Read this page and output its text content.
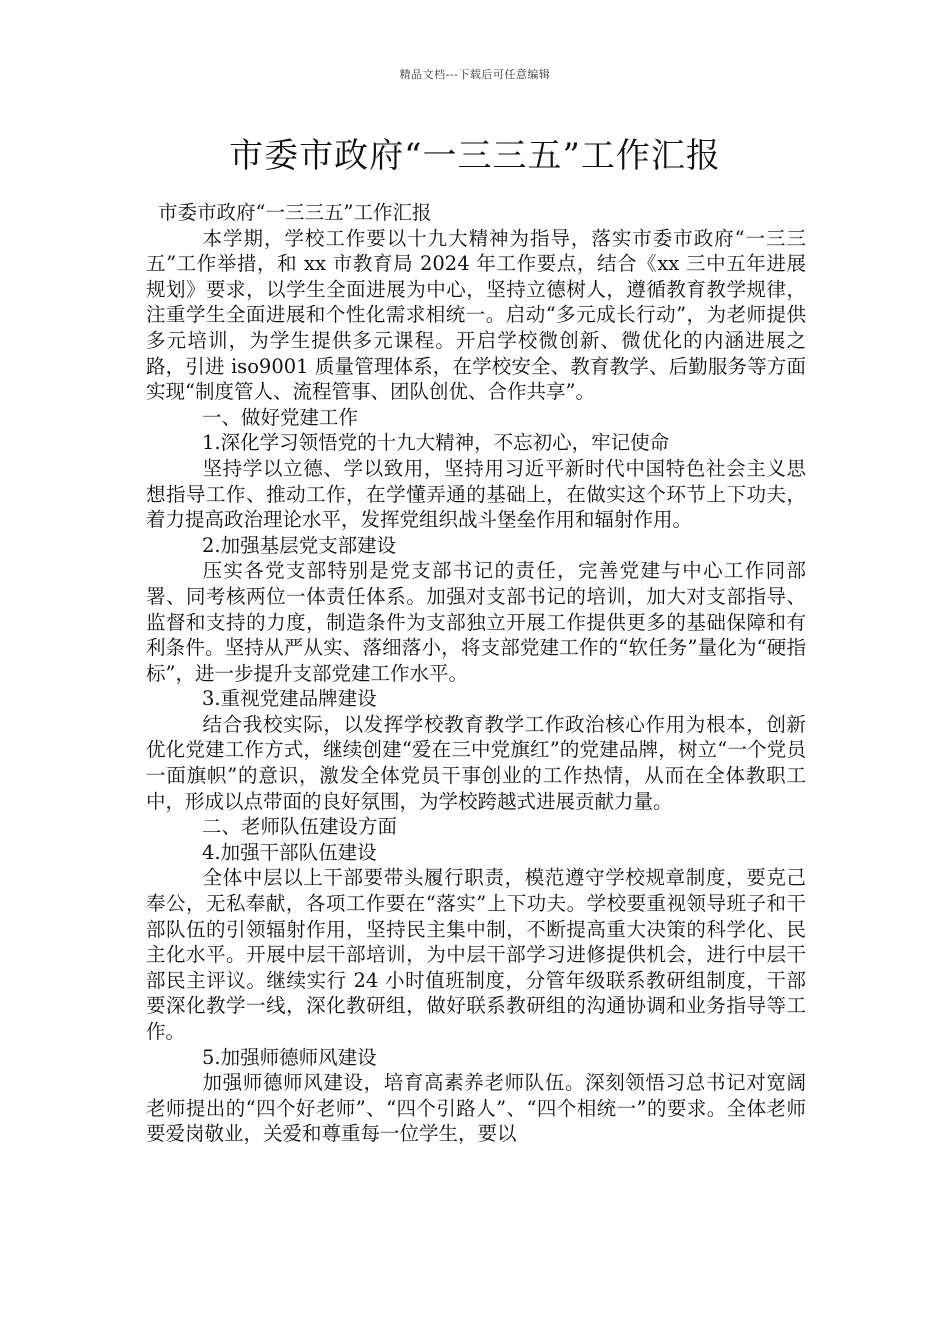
精品文档---下载后可任意编辑
市委市政府“一三三五”工作汇报

市委市政府“一三三五”工作汇报

本学期，学校工作要以十九大精神为指导，落实市委市政府“一三三五”工作举措，和 xx 市教育局 2024 年工作要点，结合《xx 三中五年进展规划》要求，以学生全面进展为中心，坚持立德树人，遵循教育教学规律，注重学生全面进展和个性化需求相统一。启动“多元成长行动”，为老师提供多元培训，为学生提供多元课程。开启学校微创新、微优化的内涵进展之路，引进 iso9001 质量管理体系，在学校安全、教育教学、后勤服务等方面实现“制度管人、流程管事、团队创优、合作共享”。

一、做好党建工作

1.深化学习领悟党的十九大精神，不忘初心，牢记使命

坚持学以立德、学以致用，坚持用习近平新时代中国特色社会主义思想指导工作、推动工作，在学懂弄通的基础上，在做实这个环节上下功夫，着力提高政治理论水平，发挥党组织战斗堡垒作用和辐射作用。

2.加强基层党支部建设

压实各党支部特别是党支部书记的责任，完善党建与中心工作同部署、同考核两位一体责任体系。加强对支部书记的培训，加大对支部指导、监督和支持的力度，制造条件为支部独立开展工作提供更多的基础保障和有利条件。坚持从严从实、落细落小，将支部党建工作的“软任务”量化为“硬指标”，进一步提升支部党建工作水平。

3.重视党建品牌建设

结合我校实际，以发挥学校教育教学工作政治核心作用为根本，创新优化党建工作方式，继续创建“爱在三中党旗红”的党建品牌，树立“一个党员一面旗帜”的意识，激发全体党员干事创业的工作热情，从而在全体教职工中，形成以点带面的良好氛围，为学校跨越式进展贡献力量。

二、老师队伍建设方面

4.加强干部队伍建设

全体中层以上干部要带头履行职责，模范遵守学校规章制度，要克己奉公，无私奉献，各项工作要在“落实”上下功夫。学校要重视领导班子和干部队伍的引领辐射作用，坚持民主集中制，不断提高重大决策的科学化、民主化水平。开展中层干部培训，为中层干部学习进修提供机会，进行中层干部民主评议。继续实行 24 小时值班制度，分管年级联系教研组制度，干部要深化教学一线，深化教研组，做好联系教研组的沟通协调和业务指导等工作。

5.加强师德师风建设

加强师德师风建设，培育高素养老师队伍。深刻领悟习总书记对宽阔老师提出的“四个好老师”、“四个引路人”、“四个相统一”的要求。全体老师要爱岗敬业，关爱和尊重每一位学生，要以
